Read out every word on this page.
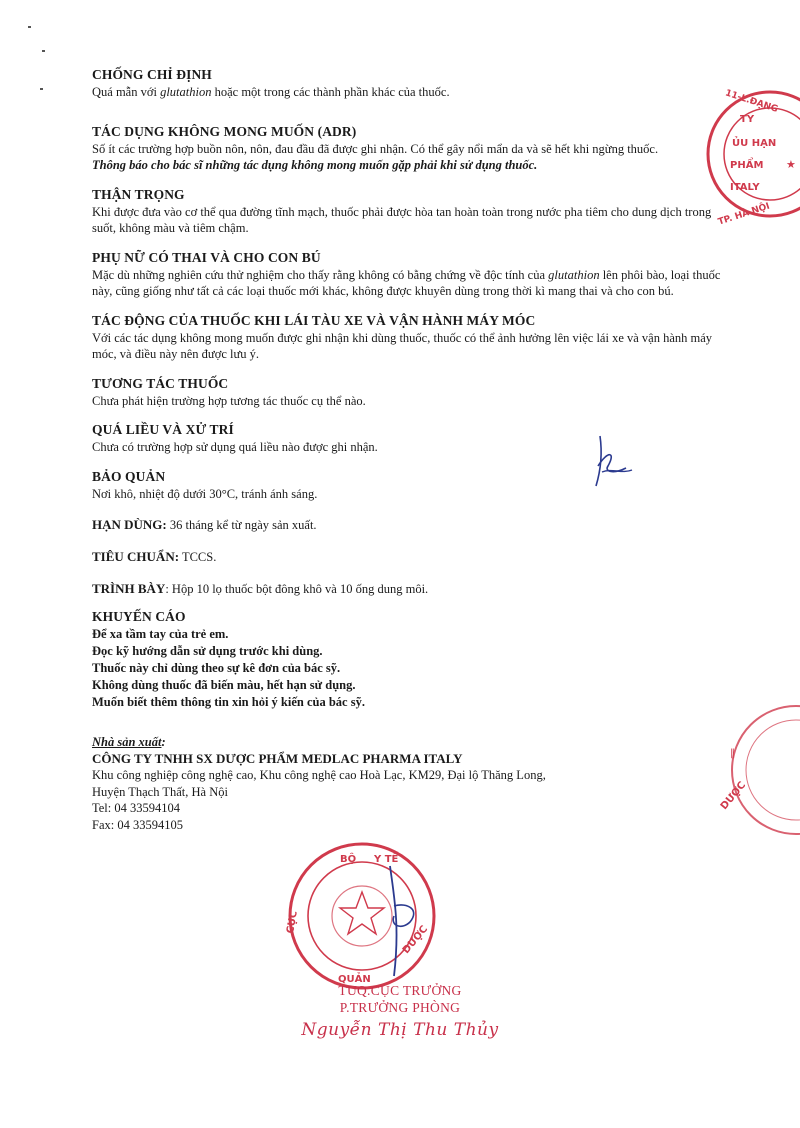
CHỐNG CHỈ ĐỊNH
Quá mẫn với glutathion hoặc một trong các thành phần khác của thuốc.
TÁC DỤNG KHÔNG MONG MUỐN (ADR)
Số ít các trường hợp buồn nôn, nôn, đau đầu đã được ghi nhận. Có thể gây nổi mẩn da và sẽ hết khi ngừng thuốc.
Thông báo cho bác sĩ những tác dụng không mong muốn gặp phải khi sử dụng thuốc.
THẬN TRỌNG
Khi được đưa vào cơ thể qua đường tĩnh mạch, thuốc phải được hòa tan hoàn toàn trong nước pha tiêm cho dung dịch trong suốt, không màu và tiêm chậm.
PHỤ NỮ CÓ THAI VÀ CHO CON BÚ
Mặc dù những nghiên cứu thử nghiệm cho thấy rằng không có bằng chứng về độc tính của glutathion lên phôi bào, loại thuốc này, cũng giống như tất cả các loại thuốc mới khác, không được khuyên dùng trong thời kì mang thai và cho con bú.
TÁC ĐỘNG CỦA THUỐC KHI LÁI TÀU XE VÀ VẬN HÀNH MÁY MÓC
Với các tác dụng không mong muốn được ghi nhận khi dùng thuốc, thuốc có thể ảnh hưởng lên việc lái xe và vận hành máy móc, và điều này nên được lưu ý.
TƯƠNG TÁC THUỐC
Chưa phát hiện trường hợp tương tác thuốc cụ thể nào.
QUÁ LIỀU VÀ XỬ TRÍ
Chưa có trường hợp sử dụng quá liều nào được ghi nhận.
BẢO QUẢN
Nơi khô, nhiệt độ dưới 30°C, tránh ánh sáng.
HẠN DÙNG: 36 tháng kể từ ngày sản xuất.
TIÊU CHUẨN: TCCS.
TRÌNH BÀY: Hộp 10 lọ thuốc bột đông khô và 10 ống dung môi.
KHUYẾN CÁO
Để xa tầm tay của trẻ em.
Đọc kỹ hướng dẫn sử dụng trước khi dùng.
Thuốc này chỉ dùng theo sự kê đơn của bác sỹ.
Không dùng thuốc đã biến màu, hết hạn sử dụng.
Muốn biết thêm thông tin xin hỏi ý kiến của bác sỹ.
Nhà sản xuất:
CÔNG TY TNHH SX DƯỢC PHẨM MEDLAC PHARMA ITALY
Khu công nghiệp công nghệ cao, Khu công nghệ cao Hoà Lạc, KM29, Đại lộ Thăng Long,
Huyện Thạch Thất, Hà Nội
Tel: 04 33594104
Fax: 04 33594105
TY
ỦU HẠN
PHẨM
ITALY
TP. HÀ NỘI
11-L.ĐẠNG
★
DƯỢC
‖
BỘ Y TẾ
CỤC
QUẢN
DƯỢC
TUQ.CỤC TRƯỞNG
P.TRƯỞNG PHÒNG
Nguyễn Thị Thu Thủy
